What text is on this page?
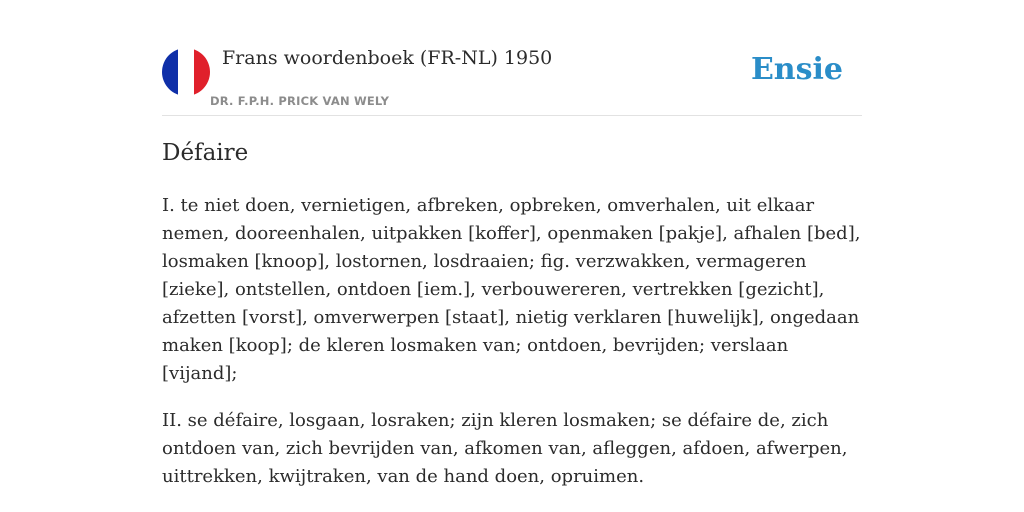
Frans woordenboek (FR-NL) 1950
DR. F.P.H. PRICK VAN WELY
Ensie
Défaire

I. te niet doen, vernietigen, afbreken, opbreken, omverhalen, uit elkaar nemen, dooreenhalen, uitpakken [koffer], openmaken [pakje], afhalen [bed], losmaken [knoop], lostornen, losdraaien; fig. verzwakken, vermageren [zieke], ontstellen, ontdoen [iem.], verbouwereren, vertrekken [gezicht], afzetten [vorst], omverwerpen [staat], nietig verklaren [huwelijk], ongedaan maken [koop]; de kleren losmaken van; ontdoen, bevrijden; verslaan [vijand];

II. se défaire, losgaan, losraken; zijn kleren losmaken; se défaire de, zich ontdoen van, zich bevrijden van, afkomen van, afleggen, afdoen, afwerpen, uittrekken, kwijtraken, van de hand doen, opruimen.
